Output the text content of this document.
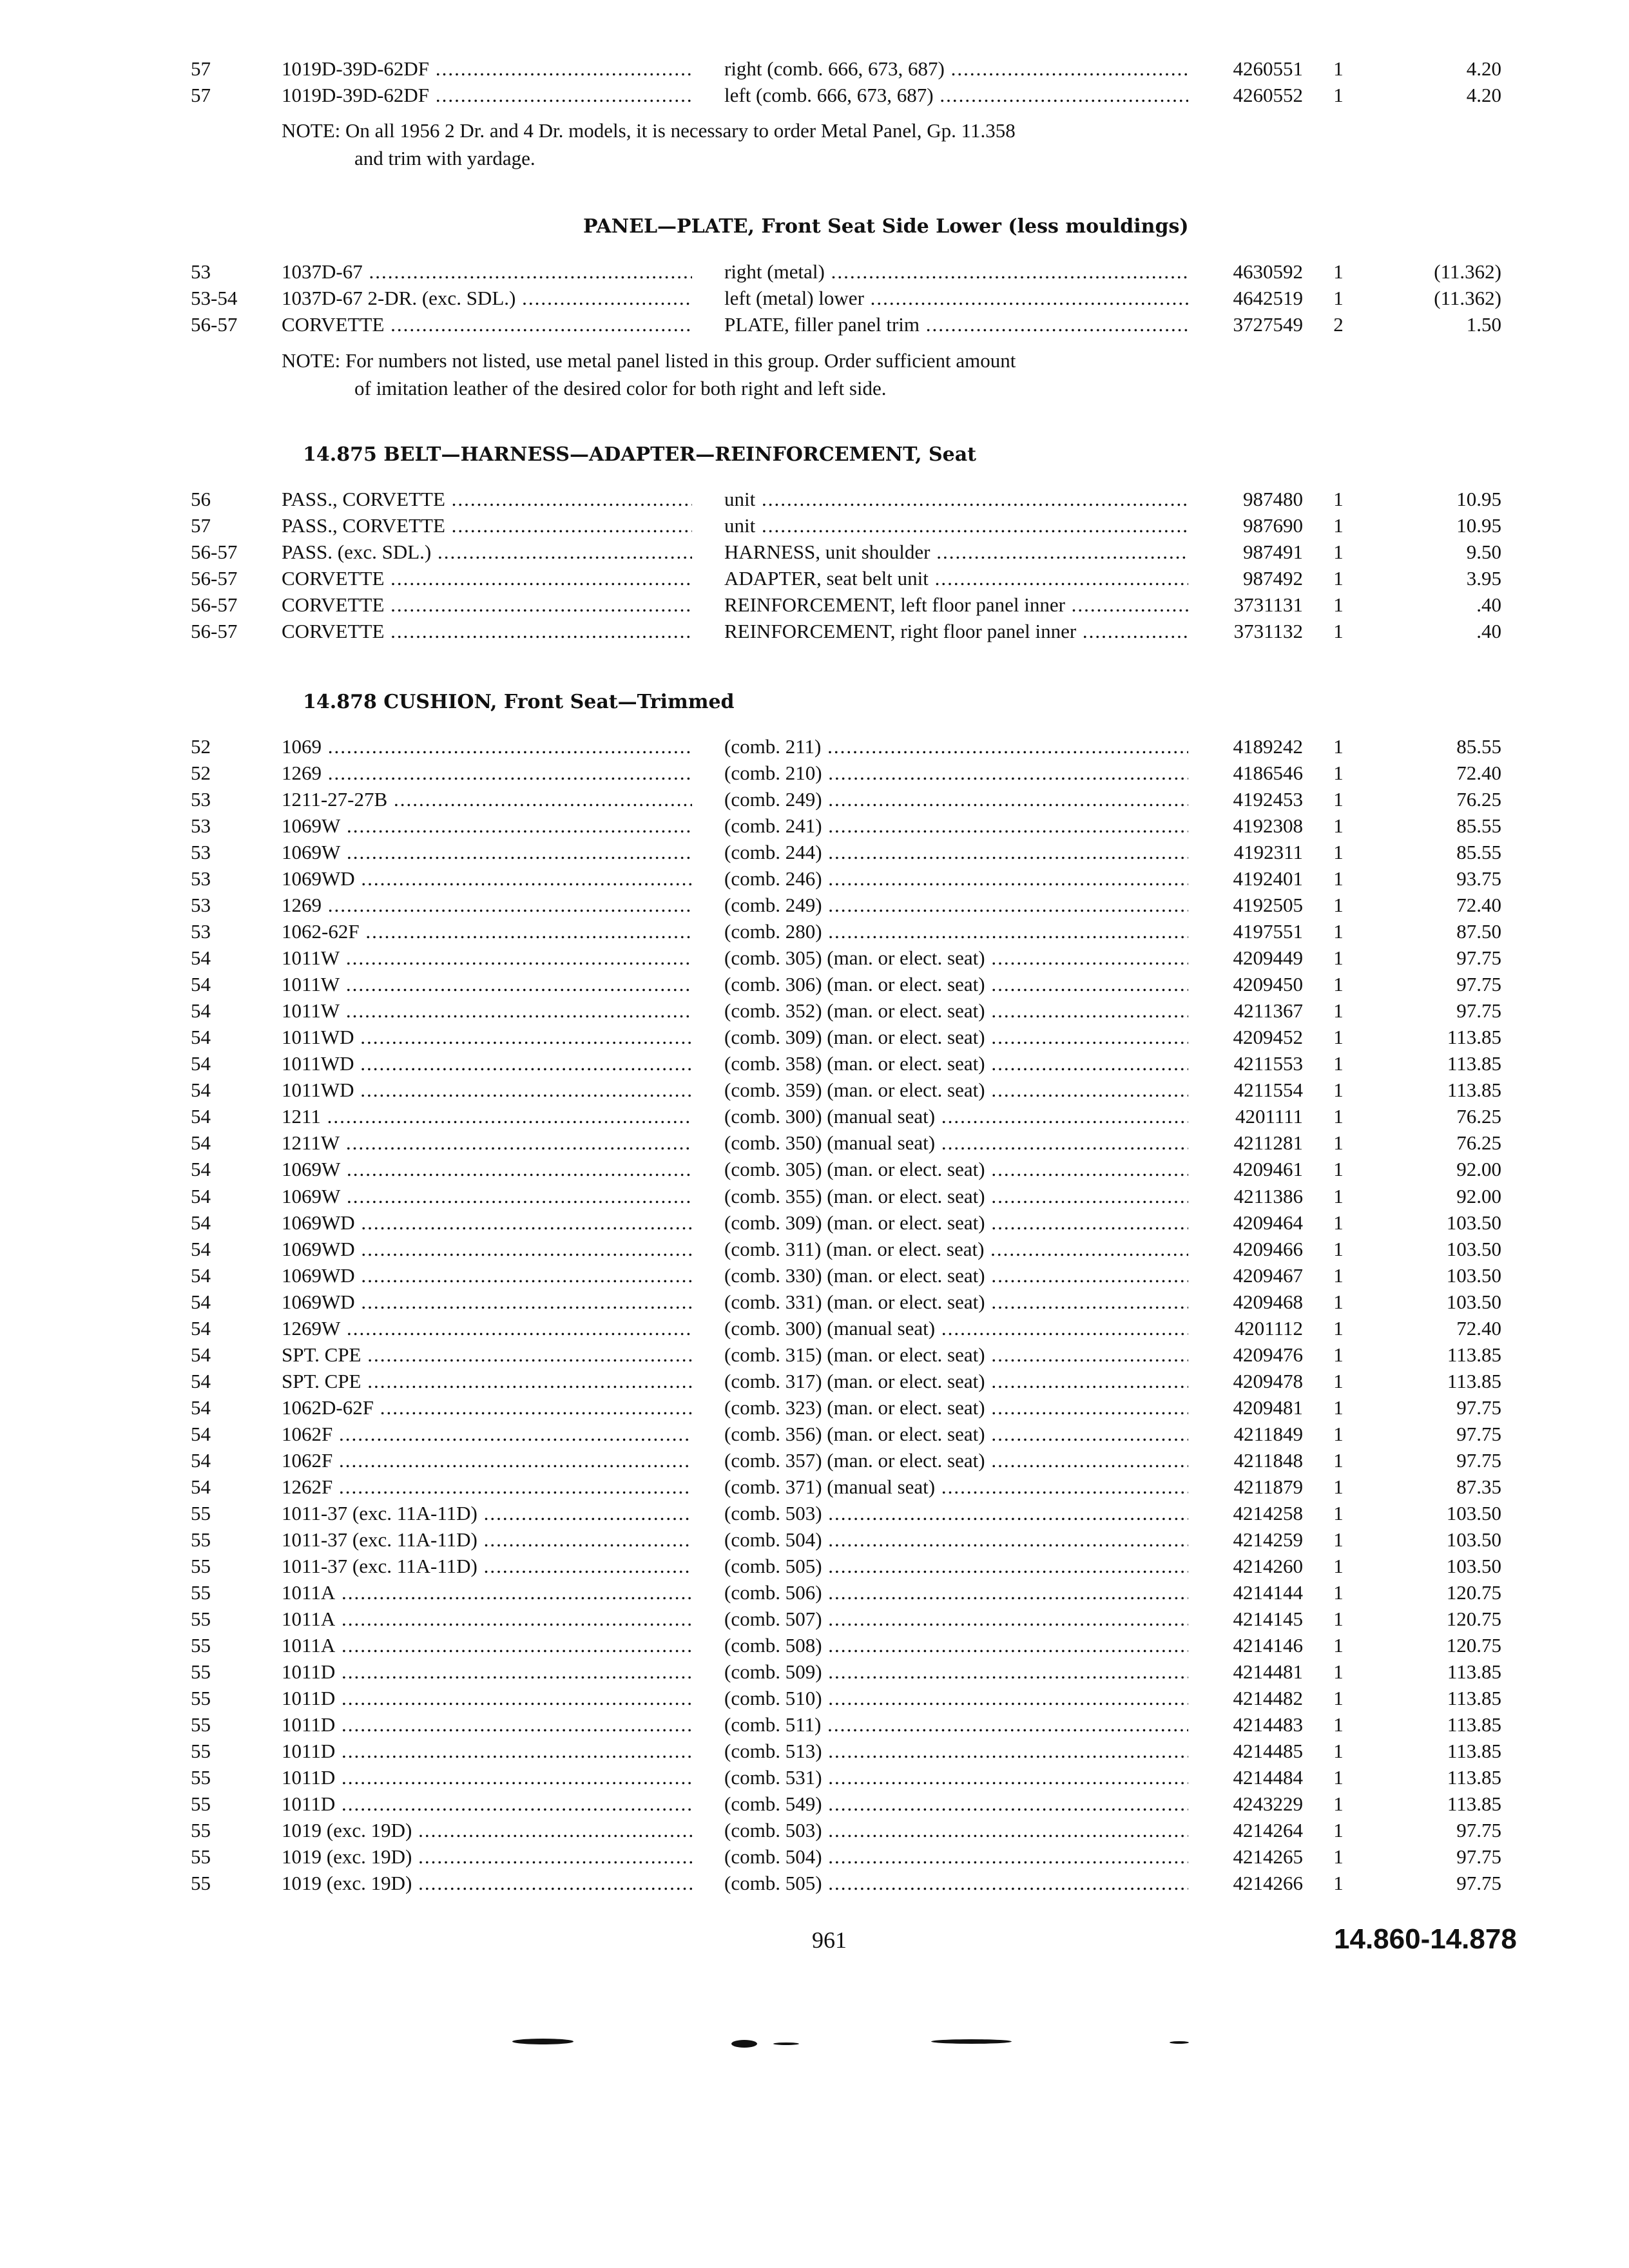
57	1019D-39D-62DF .....	right (comb. 666, 673, 687) .....	4260551 1	4.20
57	1019D-39D-62DF .....	left (comb. 666, 673, 687) .....	4260552 1	4.20
NOTE: On all 1956 2 Dr. and 4 Dr. models, it is necessary to order Metal Panel, Gp. 11.358
and trim with yardage.
PANEL—PLATE, Front Seat Side Lower (less mouldings)
53	1037D-67 .....	right (metal) .....	4630592 1	(11.362)
53-54	1037D-67 2-DR. (exc. SDL.) .....	left (metal) lower .....	4642519 1	(11.362)
56-57	CORVETTE .....	PLATE, filler panel trim .....	3727549 2	1.50
NOTE: For numbers not listed, use metal panel listed in this group. Order sufficient amount
of imitation leather of the desired color for both right and left side.
14.875 BELT—HARNESS—ADAPTER—REINFORCEMENT, Seat
56	PASS., CORVETTE .....	unit .....	987480 1	10.95
57	PASS., CORVETTE .....	unit .....	987690 1	10.95
56-57	PASS. (exc. SDL.) .....	HARNESS, unit shoulder .....	987491 1	9.50
56-57	CORVETTE .....	ADAPTER, seat belt unit .....	987492 1	3.95
56-57	CORVETTE .....	REINFORCEMENT, left floor panel inner .....	3731131 1	.40
56-57	CORVETTE .....	REINFORCEMENT, right floor panel inner .....	3731132 1	.40
14.878 CUSHION, Front Seat—Trimmed
52	1069 .....	(comb. 211) .....	4189242 1	85.55
52	1269 .....	(comb. 210) .....	4186546 1	72.40
53	1211-27-27B .....	(comb. 249) .....	4192453 1	76.25
53	1069W .....	(comb. 241) .....	4192308 1	85.55
53	1069W .....	(comb. 244) .....	4192311 1	85.55
53	1069WD .....	(comb. 246) .....	4192401 1	93.75
53	1269 .....	(comb. 249) .....	4192505 1	72.40
53	1062-62F .....	(comb. 280) .....	4197551 1	87.50
54	1011W .....	(comb. 305) (man. or elect. seat) .....	4209449 1	97.75
54	1011W .....	(comb. 306) (man. or elect. seat) .....	4209450 1	97.75
54	1011W .....	(comb. 352) (man. or elect. seat) .....	4211367 1	97.75
54	1011WD .....	(comb. 309) (man. or elect. seat) .....	4209452 1	113.85
54	1011WD .....	(comb. 358) (man. or elect. seat) .....	4211553 1	113.85
54	1011WD .....	(comb. 359) (man. or elect. seat) .....	4211554 1	113.85
54	1211 .....	(comb. 300) (manual seat) .....	4201111 1	76.25
54	1211W .....	(comb. 350) (manual seat) .....	4211281 1	76.25
54	1069W .....	(comb. 305) (man. or elect. seat) .....	4209461 1	92.00
54	1069W .....	(comb. 355) (man. or elect. seat) .....	4211386 1	92.00
54	1069WD .....	(comb. 309) (man. or elect. seat) .....	4209464 1	103.50
54	1069WD .....	(comb. 311) (man. or elect. seat) .....	4209466 1	103.50
54	1069WD .....	(comb. 330) (man. or elect. seat) .....	4209467 1	103.50
54	1069WD .....	(comb. 331) (man. or elect. seat) .....	4209468 1	103.50
54	1269W .....	(comb. 300) (manual seat) .....	4201112 1	72.40
54	SPT. CPE .....	(comb. 315) (man. or elect. seat) .....	4209476 1	113.85
54	SPT. CPE .....	(comb. 317) (man. or elect. seat) .....	4209478 1	113.85
54	1062D-62F .....	(comb. 323) (man. or elect. seat) .....	4209481 1	97.75
54	1062F .....	(comb. 356) (man. or elect. seat) .....	4211849 1	97.75
54	1062F .....	(comb. 357) (man. or elect. seat) .....	4211848 1	97.75
54	1262F .....	(comb. 371) (manual seat) .....	4211879 1	87.35
55	1011-37 (exc. 11A-11D) .....	(comb. 503) .....	4214258 1	103.50
55	1011-37 (exc. 11A-11D) .....	(comb. 504) .....	4214259 1	103.50
55	1011-37 (exc. 11A-11D) .....	(comb. 505) .....	4214260 1	103.50
55	1011A .....	(comb. 506) .....	4214144 1	120.75
55	1011A .....	(comb. 507) .....	4214145 1	120.75
55	1011A .....	(comb. 508) .....	4214146 1	120.75
55	1011D .....	(comb. 509) .....	4214481 1	113.85
55	1011D .....	(comb. 510) .....	4214482 1	113.85
55	1011D .....	(comb. 511) .....	4214483 1	113.85
55	1011D .....	(comb. 513) .....	4214485 1	113.85
55	1011D .....	(comb. 531) .....	4214484 1	113.85
55	1011D .....	(comb. 549) .....	4243229 1	113.85
55	1019 (exc. 19D) .....	(comb. 503) .....	4214264 1	97.75
55	1019 (exc. 19D) .....	(comb. 504) .....	4214265 1	97.75
55	1019 (exc. 19D) .....	(comb. 505) .....	4214266 1	97.75
961	14.860-14.878
